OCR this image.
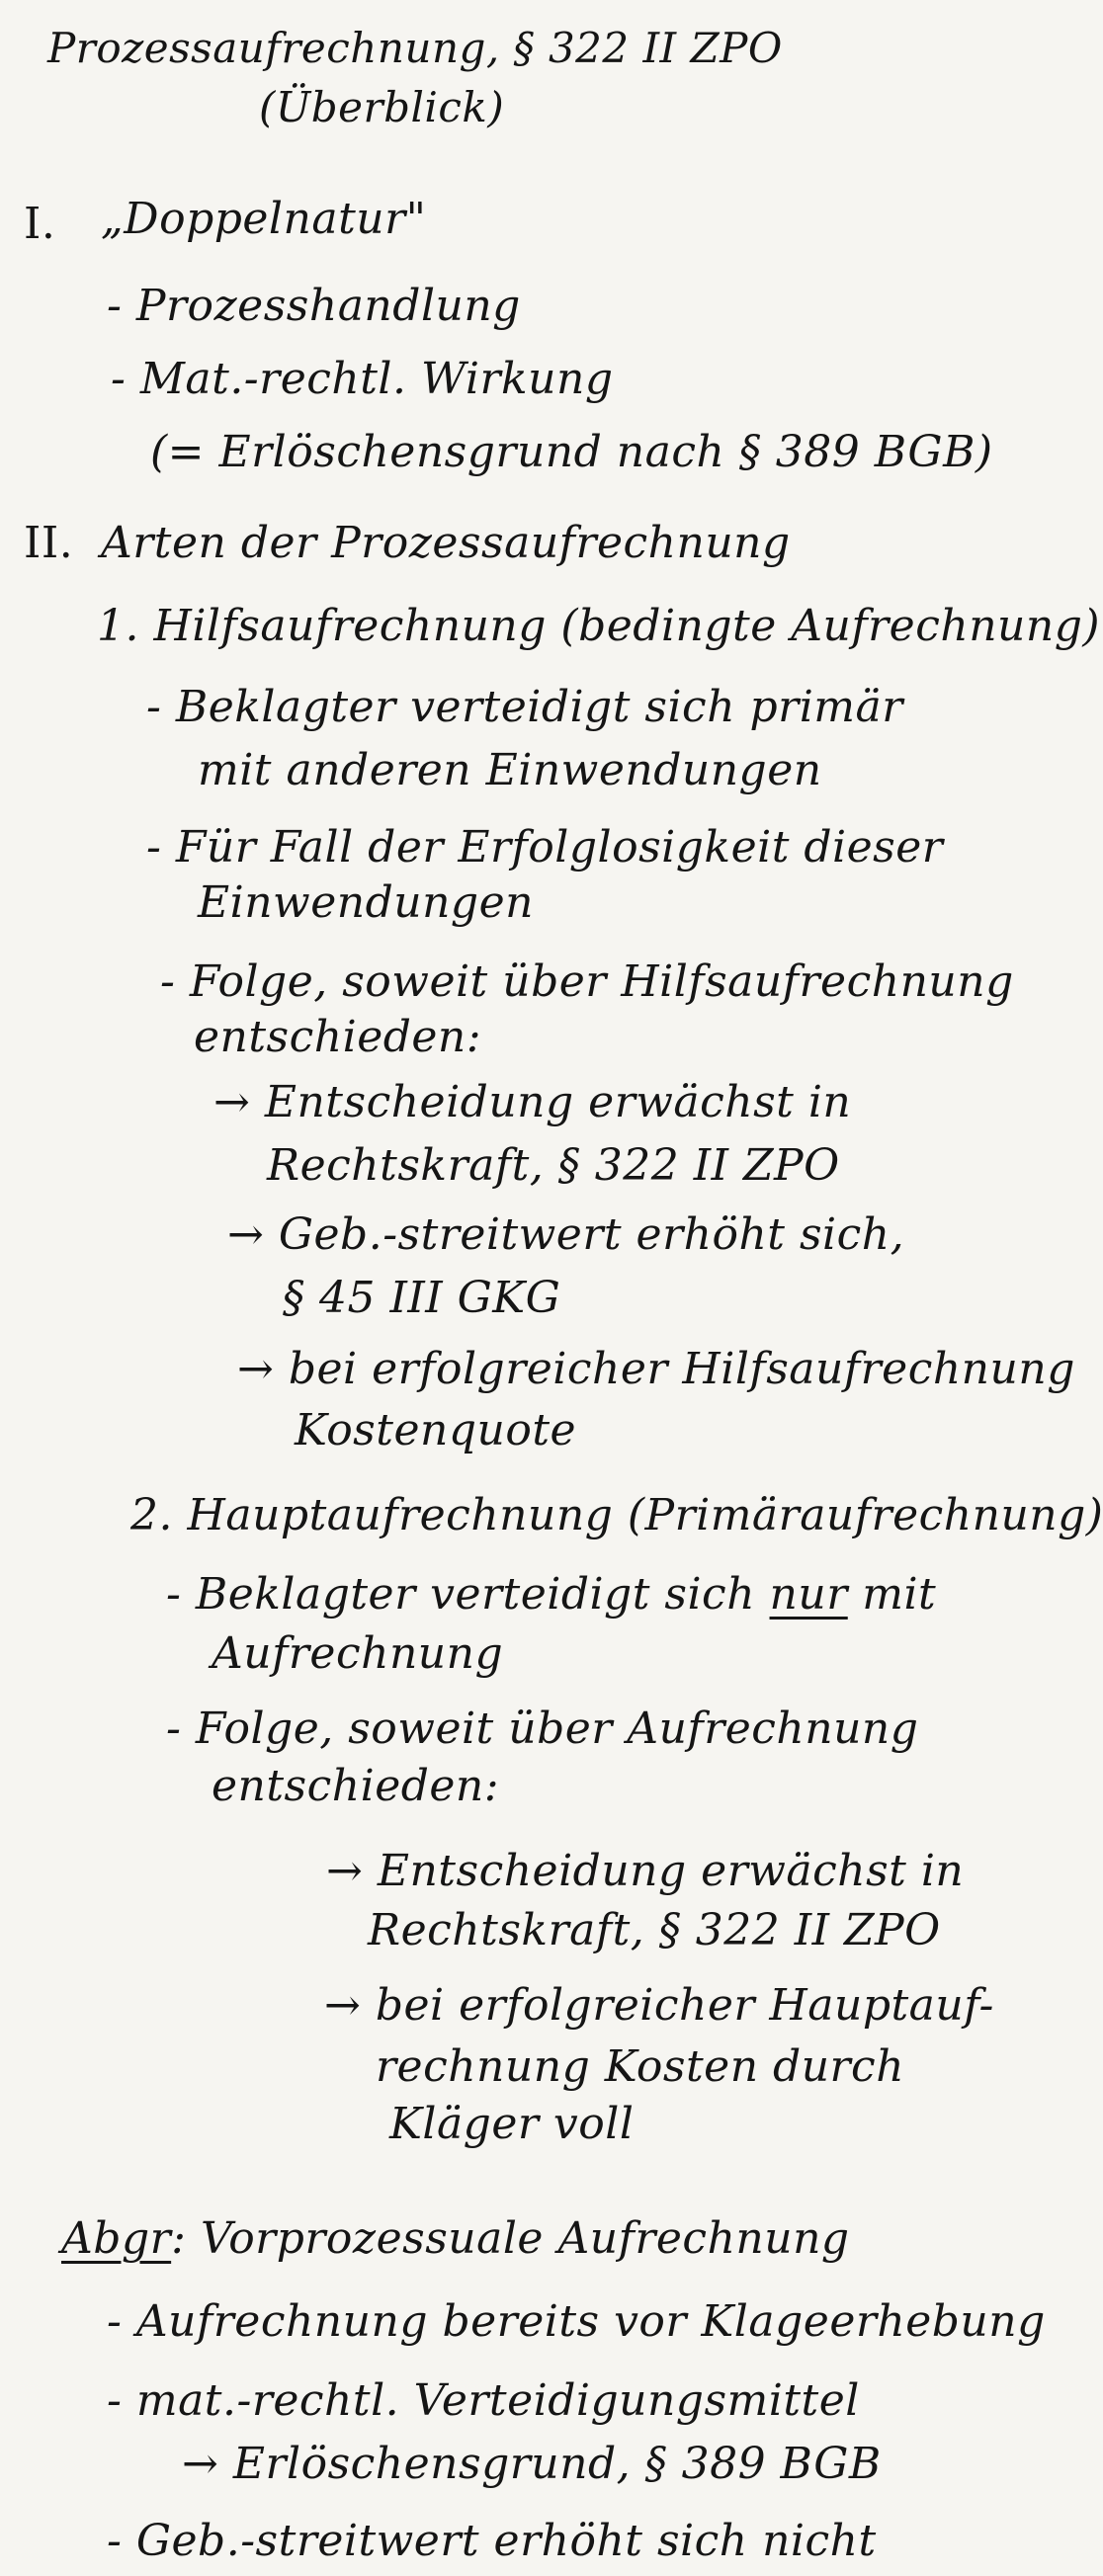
Prozessaufrechnung, § 322 II ZPO
(Überblick)
I. „Doppelnatur"
- Prozesshandlung
- Mat.-rechtl. Wirkung
(= Erlöschensgrund nach § 389 BGB)
II. Arten der Prozessaufrechnung
1. Hilfsaufrechnung (bedingte Aufrechnung)
- Beklagter verteidigt sich primär
mit anderen Einwendungen
- Für Fall der Erfolglosigkeit dieser
Einwendungen
- Folge, soweit über Hilfsaufrechnung
entschieden:
→ Entscheidung erwächst in
Rechtskraft, § 322 II ZPO
→ Geb.-streitwert erhöht sich,
§ 45 III GKG
→ bei erfolgreicher Hilfsaufrechnung
Kostenquote
2. Hauptaufrechnung (Primäraufrechnung)
- Beklagter verteidigt sich nur mit
Aufrechnung
- Folge, soweit über Aufrechnung
entschieden:
→ Entscheidung erwächst in
Rechtskraft, § 322 II ZPO
→ bei erfolgreicher Hauptauf-
rechnung Kosten durch
Kläger voll
Abgr: Vorprozessuale Aufrechnung
- Aufrechnung bereits vor Klageerhebung
- mat.-rechtl. Verteidigungsmittel
→ Erlöschensgrund, § 389 BGB
- Geb.-streitwert erhöht sich nicht
